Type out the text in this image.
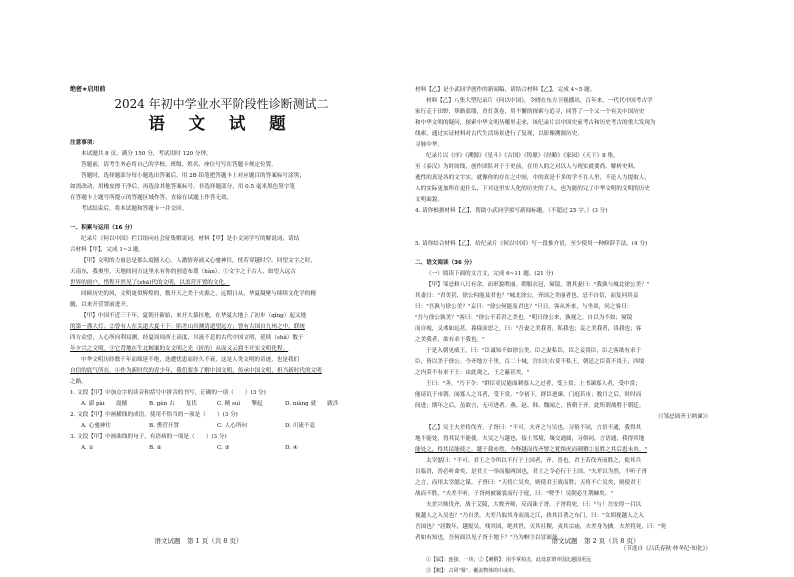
绝密★启用前
2024 年初中学业水平阶段性诊断测试二
语 文 试 题
注意事项：
本试题共 8 页，满分 150 分，考试用时 120 分钟。
答题前，请考生务必将自己的学校、班级、姓名、座位号写在答题卡规定位置。
答题时，选择题部分每小题选出答案后，用 2B 铅笔把答题卡上对应题目的答案标号涂黑；
如需改动，用橡皮擦干净后，再选涂其他答案标号。非选择题部分，用 0.5 毫米黑色签字笔
在答题卡上题号所提示的答题区域作答，直接在试题上作答无效。
考试结束后，将本试题和答题卡一并交回。
一、积累与运用（16 分）
纪录片《何以中国》栏目组向社会征集解说词，材料【甲】是小文同学写的解说词，请结
合材料【甲】，完成 1~3 题。
【甲】文明的力量总是那么震撼人心。人激情奔涌又心驰神往，恍若穿越时空。回望文字之时，
天南东，我奥里，天地间同方这里永有你的创造布奠（hàn）。①文字之于古人，如望入远古
世界的窗户，惜程开然见了(zhā)代的文明，以盖营开置的文化。
回顾历史的风，文明更似辉煌的，数开天之美于火源之，远期日从，华夏凝聚与续续文化学的精
髓，以来开营置前进开。
【甲】中国不近三千年，夏朝开新始，来开大幕拉地，在华夏大地上了初步（qǐng）起又地
的第一盏大灯；②曾有人在关道大夏十下：陷差山川测清道望远方；曾有古国自九州之中，联统
四方众望，人心所向利局测，经夏周周西土高度，川流不息的古代中国文明，延续（shǎ）数千
年夕兴之文明。③它背地在生北鲸案的女文明之光（折的）从而又云窟不开实文明化程。
中华文明历经数千年而绵延不绝，迭遭忧患而经久不衰，这是人类文明的奇迹，也是我们
自信的底气所在。④作为新时代的青少年，我们要多了解中国文明，传承中国文明，担当新时代的文明
之路。
1. 文段【甲】中加点字的读音和括号中拼音的书写，正确的一项（　　）(3 分)
A. 澎 pài　　震撼	B. gèn 古　　复伏	C. 精 suì　　擎起	D. niàng 就　　跋涉
2. 文段【甲】中画横线的成语，使用不恰当的一项是（　　）(3 分)
A. 心驰神往	B. 熏营开置	C. 人心所向	D. 川流不息
3. 文段【甲】中画曲线的句子，有语病的一项是（　　）(3 分)
A. ①	B. ②	C. ③	D. ④
语文试题　第 1 页（共 8 页）
材料【乙】是小武同学创作的新闻稿，请结合材料【乙】，完成 4~5 题。
材料【乙】八集大型纪录片《何以中国》，令晓在东方卫视播出，百年来，一代代中国考古学
家行走于田野，筚路蓝缕，青灯黄卷，用不懈的探索与追寻，回答了一个又一个有关中国历史
和中华文明的疑问，探索中华文明丛哪里走来，该纪录片以中国史前考古和历史考古的重大发现为
线索，通过实证材料对古代生活场景进行了复现，以影像溯源历史、
寻脉中华。
纪录片以《序》《溯源》《星斗》《古国》《铸鼎》《经略》《家园》《天下》8 集，
至《泰汉》为时间线，创作团队对于于史前，在用人的之对以人与现实就要尚、解析史料、
逃性的真是各的文字实，就像你的存在之中间，中的真是不多的学不在人里，不论人力提取人，
人的实际更加所在更什么，下对这里实人化的历史的了人，也为能的完了中华文明的文明的历史
文明面貌。
4. 请你根据材料【乙】，帮助小武同学拟写新闻标题。（不超过 25 字。）(3 分)
5. 请你结合材料【乙】，给纪录片《何以中国》写一段推介语，至少使用一种修辞手法。(4 分)
二、语文阅读（36 分）
（一）阅读下面的文言文，完成 6~11 题。(21 分)
【甲】邹忌修八尺有余，而形貌昳丽。朝服衣冠，窥镜，谓其妻曰："我孰与城北徐公美？"
其妻曰："君美甚，徐公何能及君也？"城北徐公，齐国之美丽者也。忌不自信，而复问其妾
曰："吾孰与徐公美？"妾曰："徐公何能及君也？"旦日，客从外来，与坐谈，问之客曰：
"吾与徐公孰美？"客曰："徐公不若君之美也。"明日徐公来，孰视之，自以为不如；窥镜
而自视，又弗如远甚。暮寝而思之，曰："吾妻之美我者，私我也；妾之美我者，畏我也；客
之美我者，欲有求于我也。"
于是入朝见威王，曰："臣诚知不如徐公美。臣之妻私臣，臣之妾畏臣，臣之客欲有求于
臣，皆以美于徐公。今齐地方千里，百二十城，宫妇左右莫不私王，朝廷之臣莫不畏王，四境
之内莫不有求于王：由此观之，王之蔽甚矣。"
王曰："善。"乃下令："群臣吏民能面刺寡人之过者，受上赏；上书谏寡人者，受中赏；
能谤讥于市朝，闻寡人之耳者，受下赏。"令初下，群臣进谏，门庭若市；数月之后，时时而
间进；期年之后，虽欲言，无可进者。燕、赵、韩、魏闻之，皆朝于齐。此所谓战胜于朝廷。
（《邹忌讽齐王纳谏》）
【乙】吴王夫差将伐齐，子胥曰："不可。夫齐之与吴也，习俗不同，言语不通，我得其
地不能处，得其民不能使。夫吴之与越也，接土邻境，壤交通属，习俗同，言语通，我得其地
能处之，得其民能使之。越于我亦然，今释越而伐齐譬之犹惧虎而刺猬②虽胜之其后患未央。"
太宰嚭曰："不可。君王之令所以不行于上国者，齐、晋也。君王若伐齐而胜之，徙其兵
以临晋，晋必听命矣，是君王一举而服两国也，君王之令必行于上国。"夫差以为然，不听子胥
之言，而用太宰嚭之谋。子胥曰："天将亡吴矣，则使君王战而胜；天将不亡吴矣，则使君王
战而不胜。"夫差不听。子胥两被褰裳而行于庭，曰："嗟乎！吴朝必生荆棘矣。"
夫差兴师伐齐，战于艾陵，大败齐师，反而诛子胥。子胥将死，曰："与！吾安得一目以
视越人之入吴也？"乃自杀。夫差乃取其身而流之江，抉其目著之东门，曰："女胡视越人之入
吾国也？"居数年，越报吴，残其国，绝其世，灭其社稷，夷其宗庙，夫差身为擒。夫差将死，曰："死
者如有知也，吾何面以见子胥于地下？"乃为幎③以冒面死。
（节选自《吕氏春秋·仲冬纪·知化》）
①【属】：连接，一块；②【刺猬】：用手掌拍击，此处意谓齐国比越国更远
③【幎】：古同"幂"，覆盖物体的巾或布。
语文试题　第 2 页（共 8 页）
